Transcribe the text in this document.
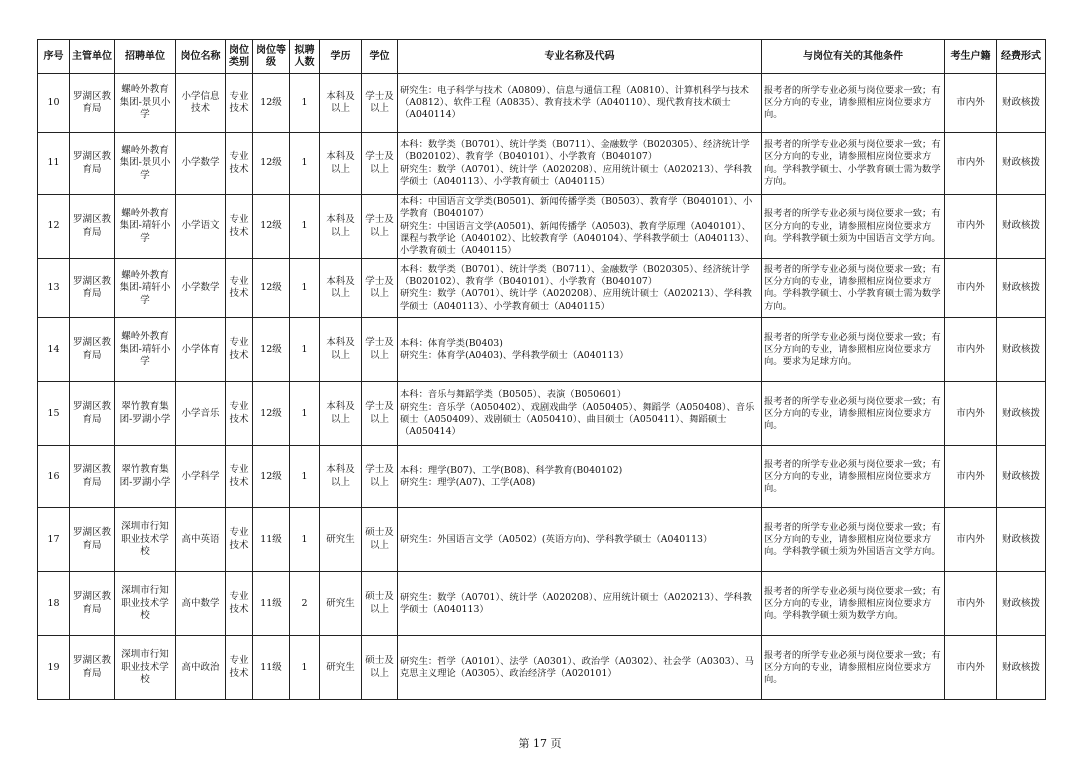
序号	主管单位	招聘单位	岗位名称	岗位类别	岗位等级	拟聘人数	学历	学位	专业名称及代码	与岗位有关的其他条件	考生户籍	经费形式
10	罗湖区教育局	螺岭外教育集团-景贝小学	小学信息技术	专业技术	12级	1	本科及以上	学士及以上	研究生：电子科学与技术（A0809）、信息与通信工程（A0810）、计算机科学与技术（A0812）、软件工程（A0835）、教育技术学（A040110）、现代教育技术硕士（A040114）	报考者的所学专业必须与岗位要求一致；有区分方向的专业，请参照相应岗位要求方向。	市内外	财政核拨
11	罗湖区教育局	螺岭外教育集团-景贝小学	小学数学	专业技术	12级	1	本科及以上	学士及以上	本科：数学类（B0701）、统计学类（B0711）、金融数学（B020305）、经济统计学（B020102）、教育学（B040101）、小学教育（B040107）
研究生：数学（A0701）、统计学（A020208）、应用统计硕士（A020213）、学科教学硕士（A040113）、小学教育硕士（A040115）	报考者的所学专业必须与岗位要求一致；有区分方向的专业，请参照相应岗位要求方向。学科教学硕士、小学教育硕士需为数学方向。	市内外	财政核拨
12	罗湖区教育局	螺岭外教育集团-靖轩小学	小学语文	专业技术	12级	1	本科及以上	学士及以上	本科：中国语言文学类(B0501)、新闻传播学类（B0503）、教育学（B040101）、小学教育（B040107）
研究生：中国语言文学(A0501)、新闻传播学（A0503)、教育学原理（A040101）、课程与教学论（A040102）、比较教育学（A040104）、学科教学硕士（A040113）、小学教育硕士（A040115）	报考者的所学专业必须与岗位要求一致；有区分方向的专业，请参照相应岗位要求方向。学科教学硕士须为中国语言文学方向。	市内外	财政核拨
13	罗湖区教育局	螺岭外教育集团-靖轩小学	小学数学	专业技术	12级	1	本科及以上	学士及以上	本科：数学类（B0701）、统计学类（B0711）、金融数学（B020305）、经济统计学（B020102）、教育学（B040101）、小学教育（B040107）
研究生：数学（A0701）、统计学（A020208）、应用统计硕士（A020213）、学科教学硕士（A040113）、小学教育硕士（A040115）	报考者的所学专业必须与岗位要求一致；有区分方向的专业，请参照相应岗位要求方向。学科教学硕士、小学教育硕士需为数学方向。	市内外	财政核拨
14	罗湖区教育局	螺岭外教育集团-靖轩小学	小学体育	专业技术	12级	1	本科及以上	学士及以上	本科：体育学类(B0403)
研究生：体育学(A0403)、学科教学硕士（A040113）	报考者的所学专业必须与岗位要求一致；有区分方向的专业，请参照相应岗位要求方向。要求为足球方向。	市内外	财政核拨
15	罗湖区教育局	翠竹教育集团-罗湖小学	小学音乐	专业技术	12级	1	本科及以上	学士及以上	本科：音乐与舞蹈学类（B0505）、表演（B050601）
研究生：音乐学（A050402）、戏剧戏曲学（A050405）、舞蹈学（A050408）、音乐硕士（A050409）、戏剧硕士（A050410）、曲目硕士（A050411）、舞蹈硕士（A050414）	报考者的所学专业必须与岗位要求一致；有区分方向的专业，请参照相应岗位要求方向。	市内外	财政核拨
16	罗湖区教育局	翠竹教育集团-罗湖小学	小学科学	专业技术	12级	1	本科及以上	学士及以上	本科：理学(B07)、工学(B08)、科学教育(B040102)
研究生：理学(A07)、工学(A08)	报考者的所学专业必须与岗位要求一致；有区分方向的专业，请参照相应岗位要求方向。	市内外	财政核拨
17	罗湖区教育局	深圳市行知职业技术学校	高中英语	专业技术	11级	1	研究生	硕士及以上	研究生：外国语言文学（A0502）(英语方向)、学科教学硕士（A040113）	报考者的所学专业必须与岗位要求一致；有区分方向的专业，请参照相应岗位要求方向。学科教学硕士须为外国语言文学方向。	市内外	财政核拨
18	罗湖区教育局	深圳市行知职业技术学校	高中数学	专业技术	11级	2	研究生	硕士及以上	研究生：数学（A0701）、统计学（A020208）、应用统计硕士（A020213）、学科教学硕士（A040113）	报考者的所学专业必须与岗位要求一致；有区分方向的专业，请参照相应岗位要求方向。学科教学硕士须为数学方向。	市内外	财政核拨
19	罗湖区教育局	深圳市行知职业技术学校	高中政治	专业技术	11级	1	研究生	硕士及以上	研究生：哲学（A0101）、法学（A0301）、政治学（A0302）、社会学（A0303）、马克思主义理论（A0305）、政治经济学（A020101）	报考者的所学专业必须与岗位要求一致；有区分方向的专业，请参照相应岗位要求方向。	市内外	财政核拨
第 17 页
